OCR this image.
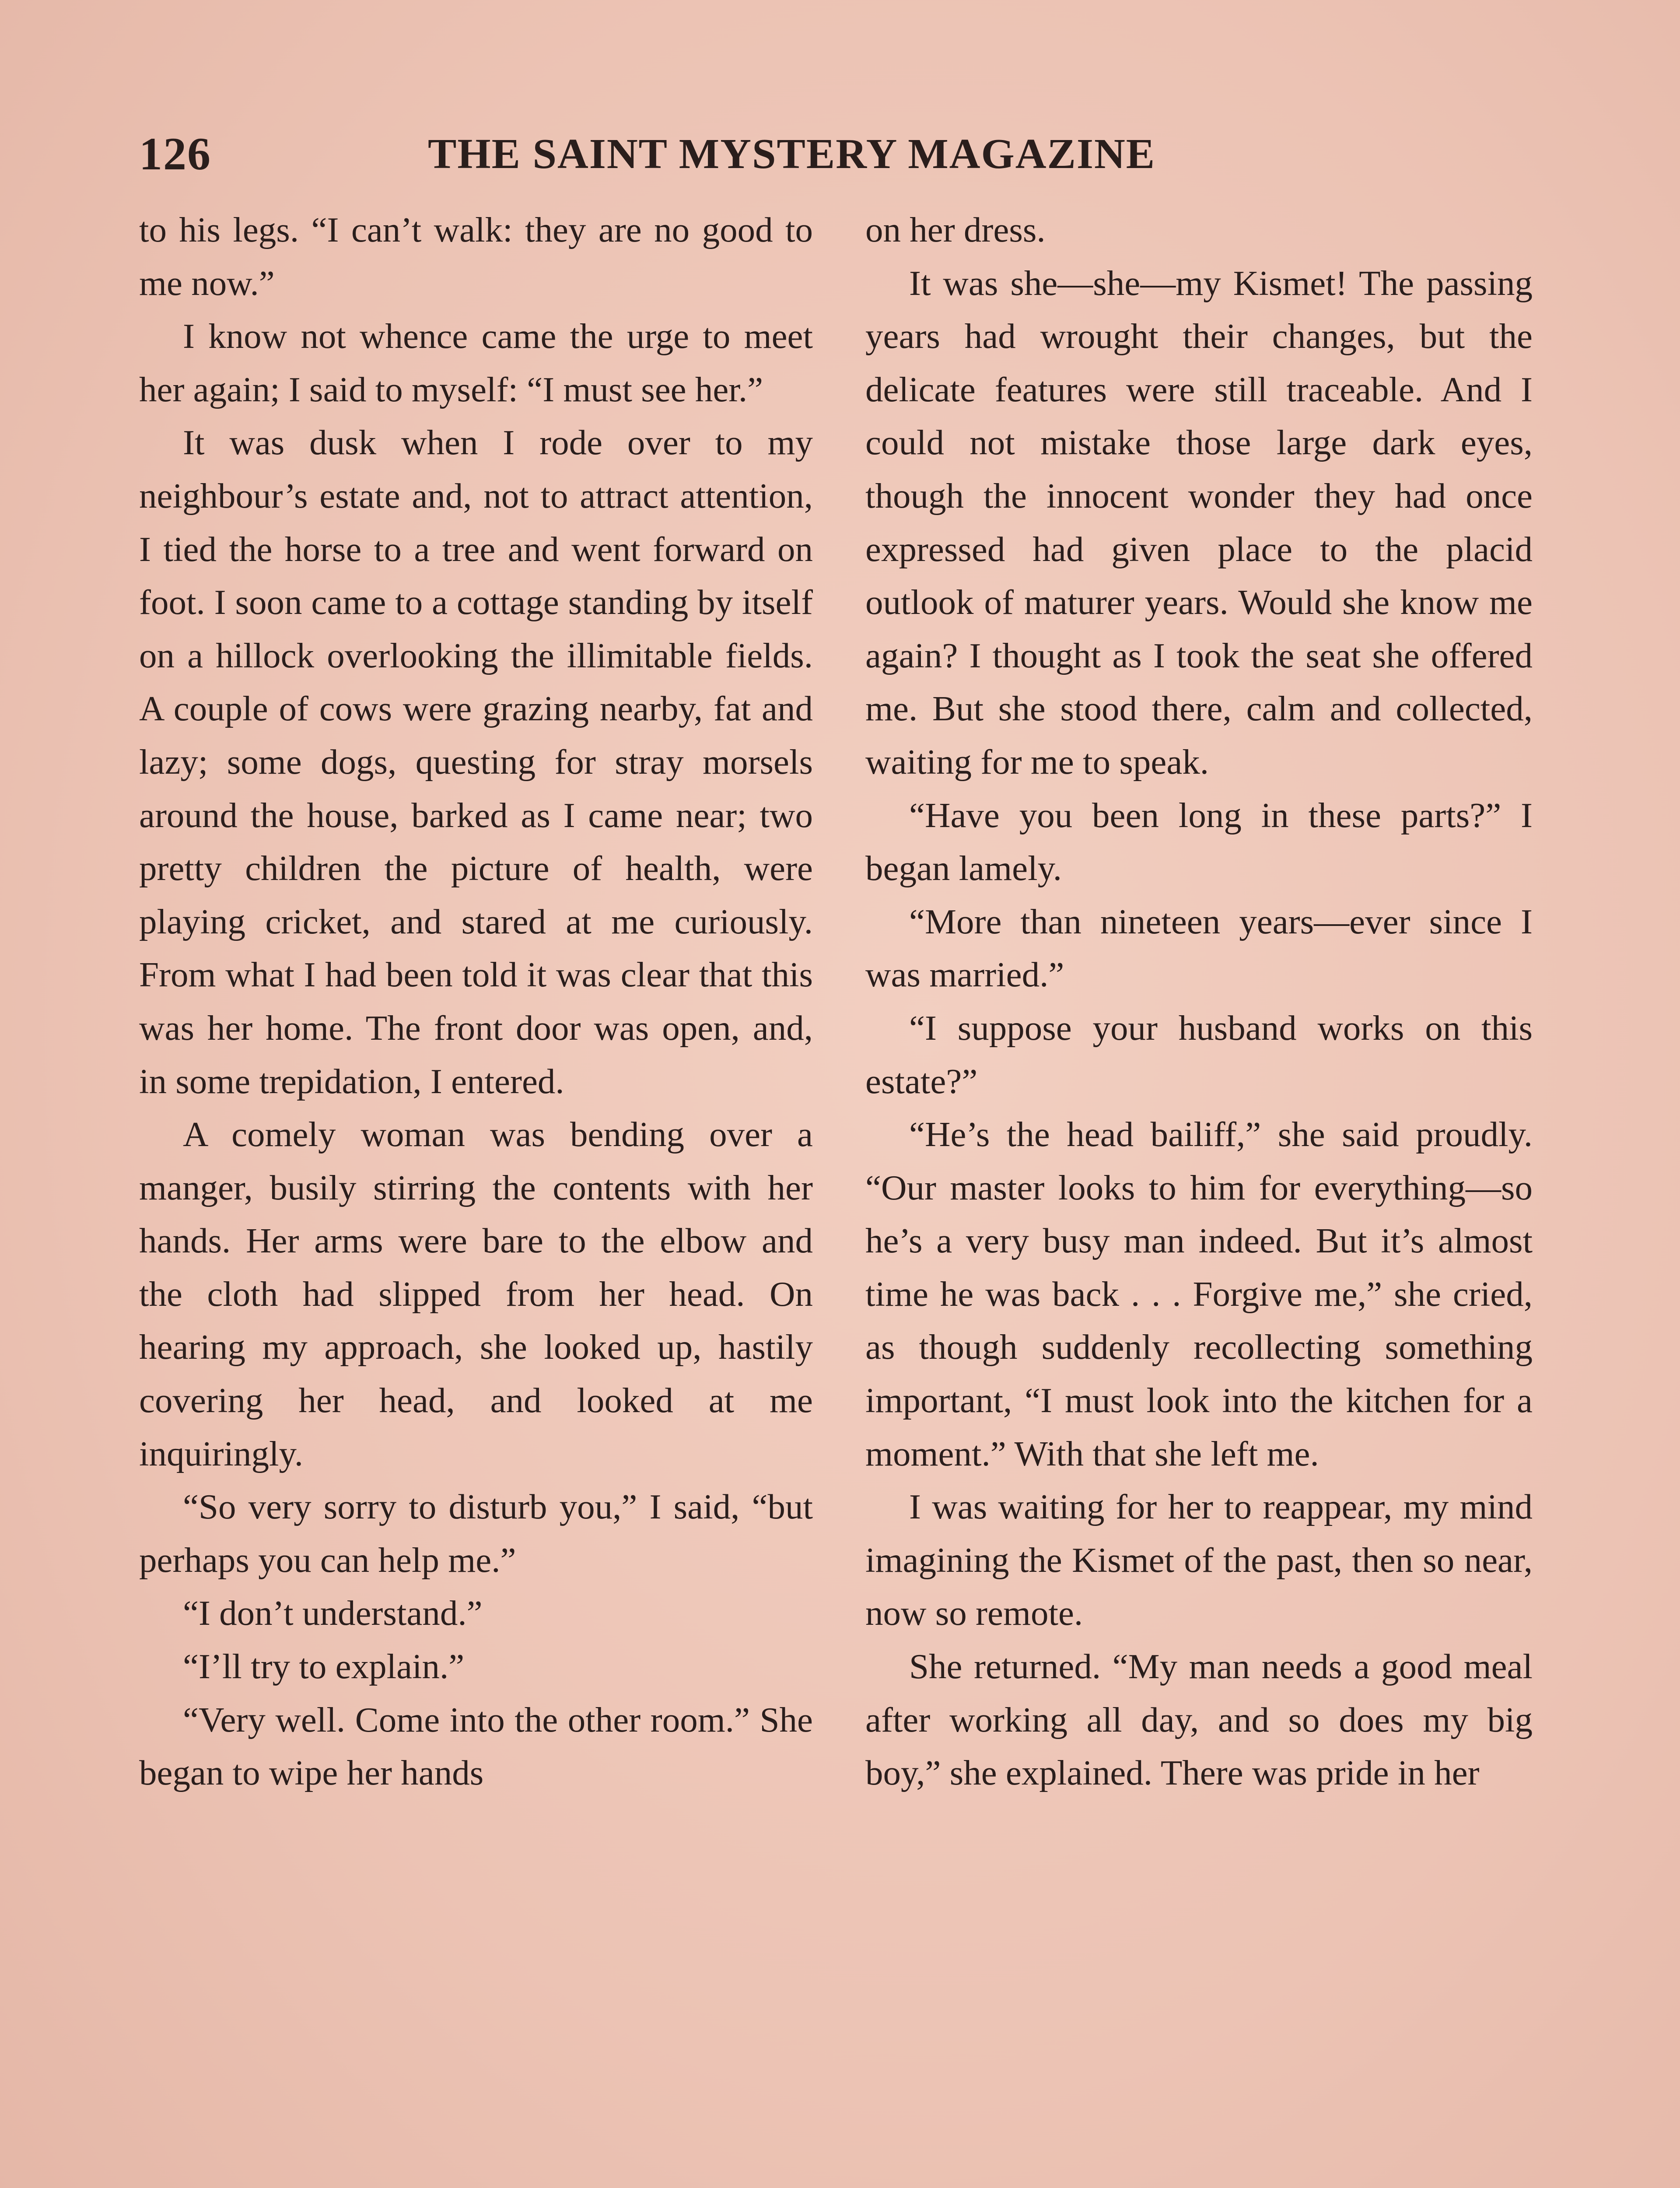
126	THE SAINT MYSTERY MAGAZINE

to his legs. “I can’t walk: they are no good to me now.”

I know not whence came the urge to meet her again; I said to myself: “I must see her.”

It was dusk when I rode over to my neighbour’s estate and, not to attract attention, I tied the horse to a tree and went forward on foot. I soon came to a cottage standing by itself on a hillock overlooking the illimitable fields. A couple of cows were grazing nearby, fat and lazy; some dogs, questing for stray morsels around the house, barked as I came near; two pretty children the picture of health, were playing cricket, and stared at me curiously. From what I had been told it was clear that this was her home. The front door was open, and, in some trepidation, I entered.

A comely woman was bending over a manger, busily stirring the contents with her hands. Her arms were bare to the elbow and the cloth had slipped from her head. On hearing my approach, she looked up, hastily covering her head, and looked at me inquiringly.

“So very sorry to disturb you,” I said, “but perhaps you can help me.”

“I don’t understand.”

“I’ll try to explain.”

“Very well. Come into the other room.” She began to wipe her hands

on her dress.

It was she—she—my Kismet! The passing years had wrought their changes, but the delicate features were still traceable. And I could not mistake those large dark eyes, though the innocent wonder they had once expressed had given place to the placid outlook of maturer years. Would she know me again? I thought as I took the seat she offered me. But she stood there, calm and collected, waiting for me to speak.

“Have you been long in these parts?” I began lamely.

“More than nineteen years—ever since I was married.”

“I suppose your husband works on this estate?”

“He’s the head bailiff,” she said proudly. “Our master looks to him for everything—so he’s a very busy man indeed. But it’s almost time he was back . . . Forgive me,” she cried, as though suddenly recollecting something important, “I must look into the kitchen for a moment.” With that she left me.

I was waiting for her to reappear, my mind imagining the Kismet of the past, then so near, now so remote.

She returned. “My man needs a good meal after working all day, and so does my big boy,” she explained. There was pride in her
